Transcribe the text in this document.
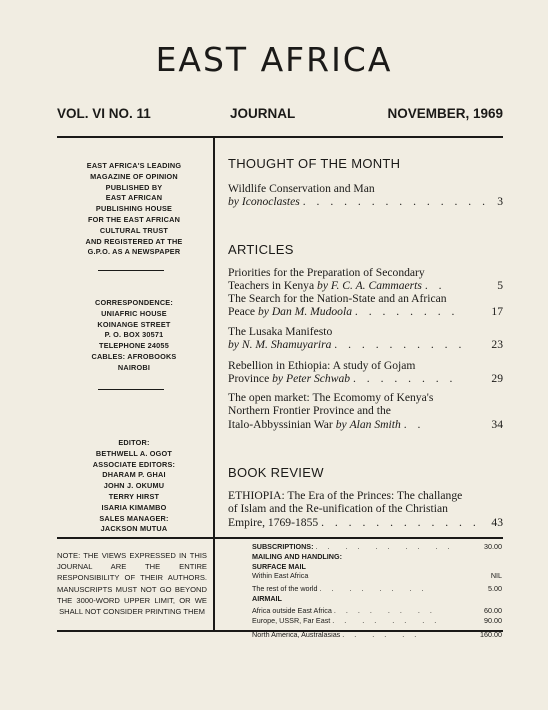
EAST AFRICA
VOL. VI NO. 11	JOURNAL	NOVEMBER, 1969
EAST AFRICA'S LEADING
MAGAZINE OF OPINION
PUBLISHED BY
EAST AFRICAN
PUBLISHING HOUSE
FOR THE EAST AFRICAN
CULTURAL TRUST
AND REGISTERED AT THE
G.P.O. AS A NEWSPAPER
CORRESPONDENCE:
UNIAFRIC HOUSE
KOINANGE STREET
P. O. BOX 30571
TELEPHONE 24055
CABLES: AFROBOOKS
NAIROBI
EDITOR:
BETHWELL A. OGOT
ASSOCIATE EDITORS:
DHARAM P. GHAI
JOHN J. OKUMU
TERRY HIRST
ISARIA KIMAMBO
SALES MANAGER:
JACKSON MUTUA
THOUGHT OF THE MONTH
ARTICLES
BOOK REVIEW
Wildlife Conservation and Man
by Iconoclastes . . . . . . . . . . . . . . 3
Priorities for the Preparation of Secondary
Teachers in Kenya by F. C. A. Cammaerts . .	5
The Search for the Nation-State and an African
Peace by Dan M. Mudoola . . . . . . . .	17
The Lusaka Manifesto
by N. M. Shamuyarira . . . . . . . . . .	23
Rebellion in Ethiopia: A study of Gojam
Province by Peter Schwab . . . . . . . .	29
The open market: The Ecomomy of Kenya's
Northern Frontier Province and the
Italo-Abbyssinian War by Alan Smith . .	34
ETHIOPIA: The Era of the Princes: The challange
of Islam and the Re-unification of the Christian
Empire, 1769-1855 . . . . . . . . . . . .	43
NOTE: THE VIEWS EXPRESSED IN THIS JOURNAL ARE THE ENTIRE RESPONSIBILITY OF THEIR AUTHORS. MANUSCRIPTS MUST NOT GO BEYOND THE 3000-WORD UPPER LIMIT, OR WE SHALL NOT CONSIDER PRINTING THEM
SUBSCRIPTIONS: . .  . .  . .  . .  . .	30.00
MAILING AND HANDLING:
SURFACE MAIL
Within East Africa	NIL
The rest of the world . .  . .  . .  . .	5.00
AIRMAIL
Africa outside East Africa . . . .  . .  . .	60.00
Europe, USSR, Far East . .  . .  . .  . .	90.00
North America, Australasias . .  . .  . .	160.00
